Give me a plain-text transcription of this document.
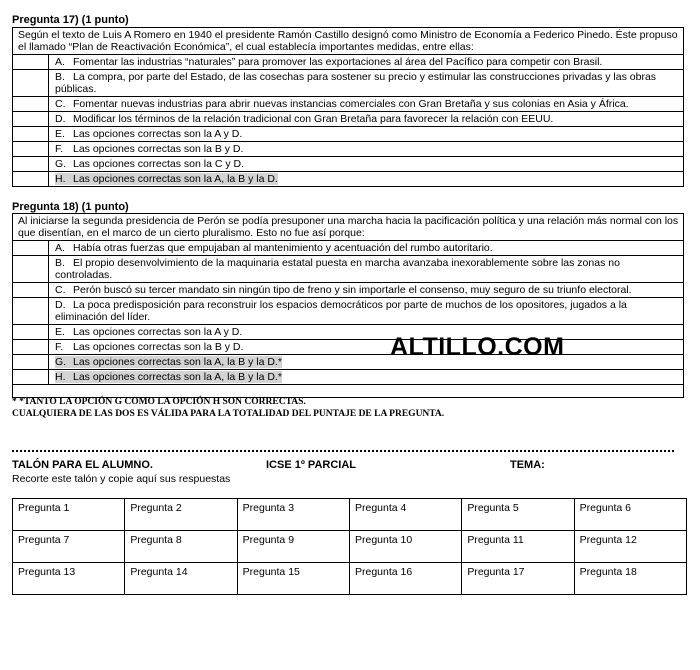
Pregunta 17) (1 punto)
Según el texto de Luis A Romero en 1940 el presidente Ramón Castillo designó como Ministro de Economía a Federico Pinedo. Éste propuso el llamado “Plan de Reactivación Económica”, el cual establecía importantes medidas, entre ellas:
A. Fomentar las industrias “naturales” para promover las exportaciones al área del Pacífico para competir con Brasil.
B. La compra, por parte del Estado, de las cosechas para sostener su precio y estimular las construcciones privadas y las obras públicas.
C. Fomentar nuevas industrias para abrir nuevas instancias comerciales con Gran Bretaña y sus colonias en Asia y África.
D. Modificar los términos de la relación tradicional con Gran Bretaña para favorecer la relación con EEUU.
E. Las opciones correctas son la A y D.
F. Las opciones correctas son la B y D.
G. Las opciones correctas son la C y D.
H. Las opciones correctas son la A, la B y la D.
Pregunta 18) (1 punto)
Al iniciarse la segunda presidencia de Perón se podía presuponer una marcha hacia la pacificación política y una relación más normal con los que disentían, en el marco de un cierto pluralismo. Esto no fue así porque:
A. Había otras fuerzas que empujaban al mantenimiento y acentuación del rumbo autoritario.
B. El propio desenvolvimiento de la maquinaria estatal puesta en marcha avanzaba inexorablemente sobre las zonas no controladas.
C. Perón buscó su tercer mandato sin ningún tipo de freno y sin importarle el consenso, muy seguro de su triunfo electoral.
D. La poca predisposición para reconstruir los espacios democráticos por parte de muchos de los opositores, jugados a la eliminación del líder.
E. Las opciones correctas son la A y D.
F. Las opciones correctas son la B y D.
G. Las opciones correctas son la A, la B y la D.*
H. Las opciones correctas son la A, la B y la D.*
ALTILLO.COM
* *TANTO LA OPCIÓN G COMO LA OPCIÓN H SON CORRECTAS.
CUALQUIERA DE LAS DOS ES VÁLIDA PARA LA TOTALIDAD DEL PUNTAJE DE LA PREGUNTA.
TALÓN PARA EL ALUMNO.	ICSE 1º PARCIAL	TEMA:
Recorte este talón y copie aquí sus respuestas
Pregunta 1	Pregunta 2	Pregunta 3	Pregunta 4	Pregunta 5	Pregunta 6
Pregunta 7	Pregunta 8	Pregunta 9	Pregunta 10	Pregunta 11	Pregunta 12
Pregunta 13	Pregunta 14	Pregunta 15	Pregunta 16	Pregunta 17	Pregunta 18
